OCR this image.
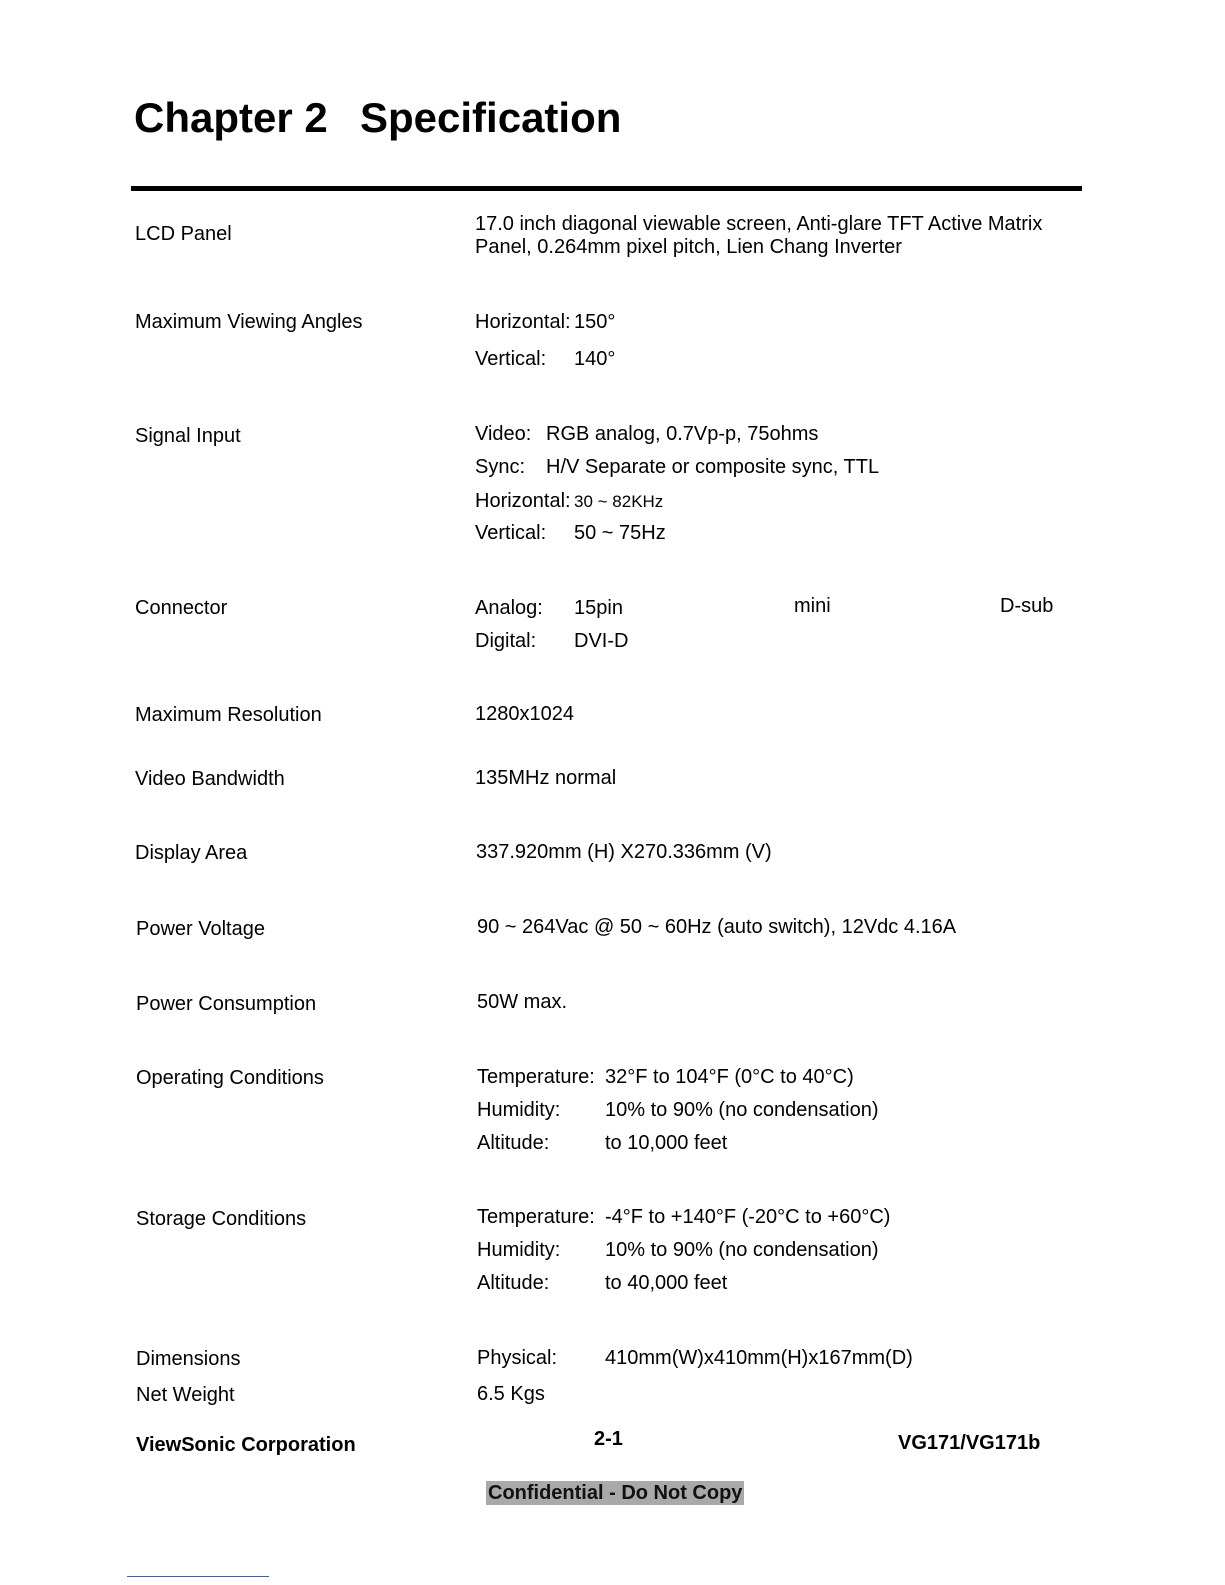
Chapter 2 Specification
LCD Panel	17.0 inch diagonal viewable screen, Anti-glare TFT Active Matrix
Panel, 0.264mm pixel pitch, Lien Chang Inverter
Maximum Viewing Angles	Horizontal: 150°
Vertical: 140°
Signal Input	Video: RGB analog, 0.7Vp-p, 75ohms
Sync: H/V Separate or composite sync, TTL
Horizontal: 30 ~ 82KHz
Vertical: 50 ~ 75Hz
Connector	Analog: 15pin	mini	D-sub
Digital: DVI-D
Maximum Resolution	1280x1024
Video Bandwidth	135MHz normal
Display Area	337.920mm (H) X270.336mm (V)
Power Voltage	90 ~ 264Vac @ 50 ~ 60Hz (auto switch), 12Vdc 4.16A
Power Consumption	50W max.
Operating Conditions	Temperature: 32°F to 104°F (0°C to 40°C)
Humidity: 10% to 90% (no condensation)
Altitude:	to 10,000 feet
Storage Conditions	Temperature: -4°F to +140°F (-20°C to +60°C)
Humidity: 10% to 90% (no condensation)
Altitude:	to 40,000 feet
Dimensions	Physical: 410mm(W)x410mm(H)x167mm(D)
Net Weight	6.5 Kgs
ViewSonic Corporation	2-1	VG171/VG171b
Confidential - Do Not Copy
